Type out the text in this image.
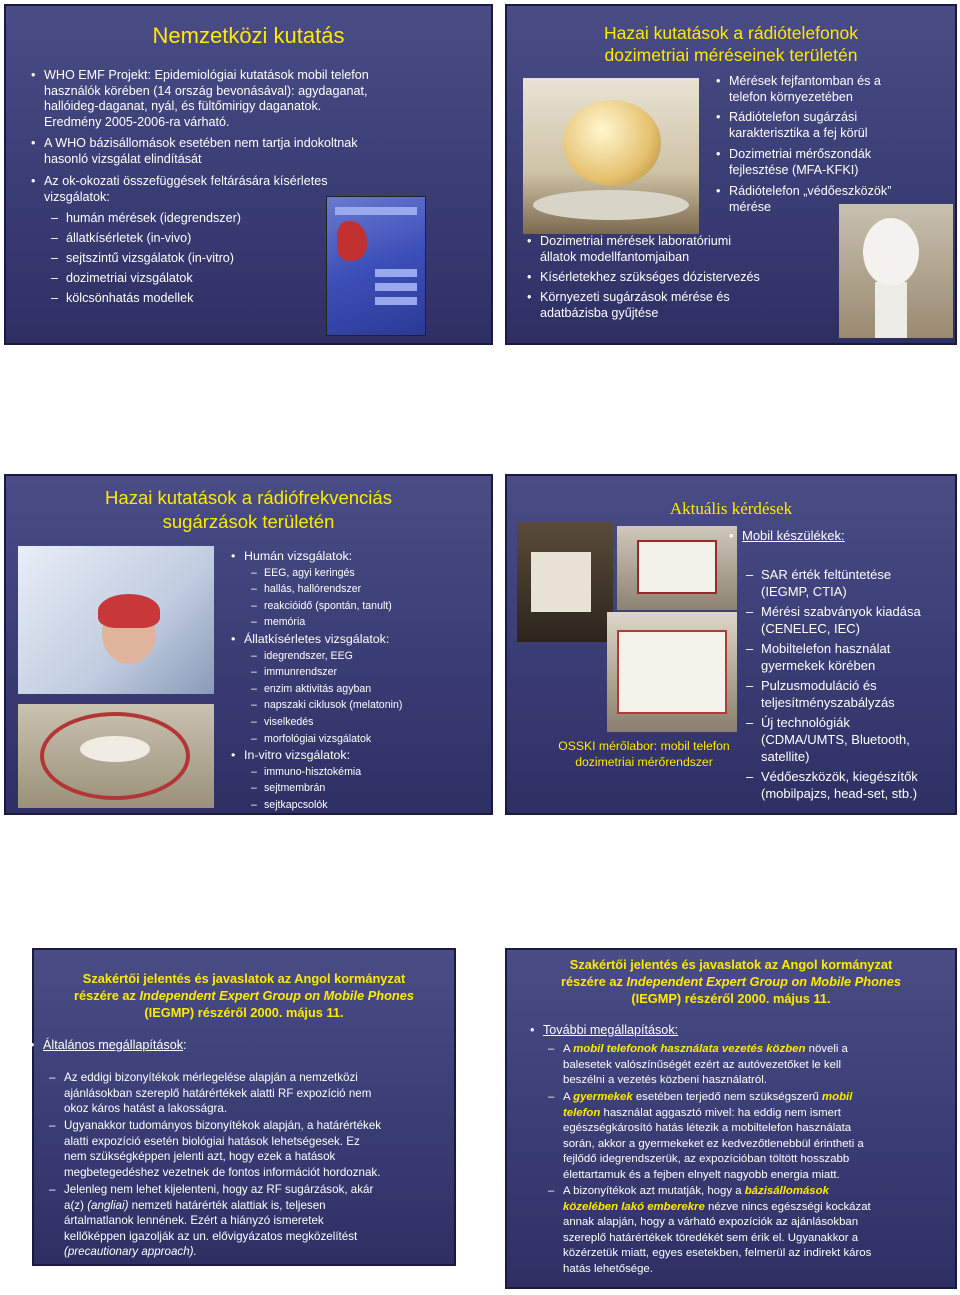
Nemzetközi kutatás
• WHO EMF Projekt: Epidemiológiai kutatások mobil telefon
használók körében (14 ország bevonásával): agydaganat,
hallóideg-daganat, nyál, és fültőmirigy daganatok.
Eredmény 2005-2006-ra várható.
• A WHO bázisállomások esetében nem tartja indokoltnak
hasonló vizsgálat elindítását
• Az ok-okozati összefüggések feltárására kísérletes
vizsgálatok:
– humán mérések (idegrendszer)
– állatkísérletek (in-vivo)
– sejtszintű vizsgálatok (in-vitro)
– dozimetriai vizsgálatok
– kölcsönhatás modellek
Hazai kutatások a rádiótelefonok
dozimetriai méréseinek területén
• Mérések fejfantomban és a
telefon környezetében
• Rádiótelefon sugárzási
karakterisztika a fej körül
• Dozimetriai mérőszondák
fejlesztése (MFA-KFKI)
• Rádiótelefon „védőeszközök”
mérése
• Dozimetriai mérések laboratóriumi
állatok modellfantomjaiban
• Kísérletekhez szükséges dózistervezés
• Környezeti sugárzások mérése és
adatbázisba gyűjtése
Hazai kutatások a rádiófrekvenciás
sugárzások területén
• Humán vizsgálatok:
– EEG, agyi keringés
– hallás, hallórendszer
– reakcióidő (spontán, tanult)
– memória
• Állatkísérletes vizsgálatok:
– idegrendszer, EEG
– immunrendszer
– enzim aktivitás agyban
– napszaki ciklusok (melatonin)
– viselkedés
– morfológiai vizsgálatok
• In-vitro vizsgálatok:
– immuno-hisztokémia
– sejtmembrán
– sejtkapcsolók
Aktuális kérdések
OSSKI mérőlabor: mobil telefon
dozimetriai mérőrendszer
• Mobil készülékek:
– SAR érték feltüntetése
(IEGMP, CTIA)
– Mérési szabványok kiadása
(CENELEC, IEC)
– Mobiltelefon használat
gyermekek körében
– Pulzusmoduláció és
teljesítményszabályzás
– Új technológiák
(CDMA/UMTS, Bluetooth,
satellite)
– Védőeszközök, kiegészítők
(mobilpajzs, head-set, stb.)
Szakértői jelentés és javaslatok az Angol kormányzat
részére az Independent Expert Group on Mobile Phones
(IEGMP) részéről 2000. május 11.
• Általános megállapítások:
– Az eddigi bizonyítékok mérlegelése alapján a nemzetközi
ajánlásokban szereplő határértékek alatti RF expozíció nem
okoz káros hatást a lakosságra.
– Ugyanakkor tudományos bizonyítékok alapján, a határértékek
alatti expozíció esetén biológiai hatások lehetségesek. Ez
nem szükségképpen jelenti azt, hogy ezek a hatások
megbetegedéshez vezetnek de fontos információt hordoznak.
– Jelenleg nem lehet kijelenteni, hogy az RF sugárzások, akár
a(z) (angliai) nemzeti határérték alattiak is, teljesen
ártalmatlanok lennének. Ezért a hiányzó ismeretek
kellőképpen igazolják az un. elővigyázatos megközelítést
(precautionary approach).
Szakértői jelentés és javaslatok az Angol kormányzat
részére az Independent Expert Group on Mobile Phones
(IEGMP) részéről 2000. május 11.
• További megállapítások:
– A mobil telefonok használata vezetés közben növeli a
balesetek valószínűségét ezért az autóvezetőket le kell
beszélni a vezetés közbeni használatról.
– A gyermekek esetében terjedő nem szükségszerű mobil
telefon használat aggasztó mivel: ha eddig nem ismert
egészségkárosító hatás létezik a mobiltelefon használata
során, akkor a gyermekeket ez kedvezőtlenebbül érintheti a
fejlődő idegrendszerük, az expozícióban töltött hosszabb
élettartamuk és a fejben elnyelt nagyobb energia miatt.
– A bizonyítékok azt mutatják, hogy a bázisállomások
közelében lakó emberekre nézve nincs egészségi kockázat
annak alapján, hogy a várható expozíciók az ajánlásokban
szereplő határértékek töredékét sem érik el. Ugyanakkor a
közérzetük miatt, egyes esetekben, felmerül az indirekt káros
hatás lehetősége.
